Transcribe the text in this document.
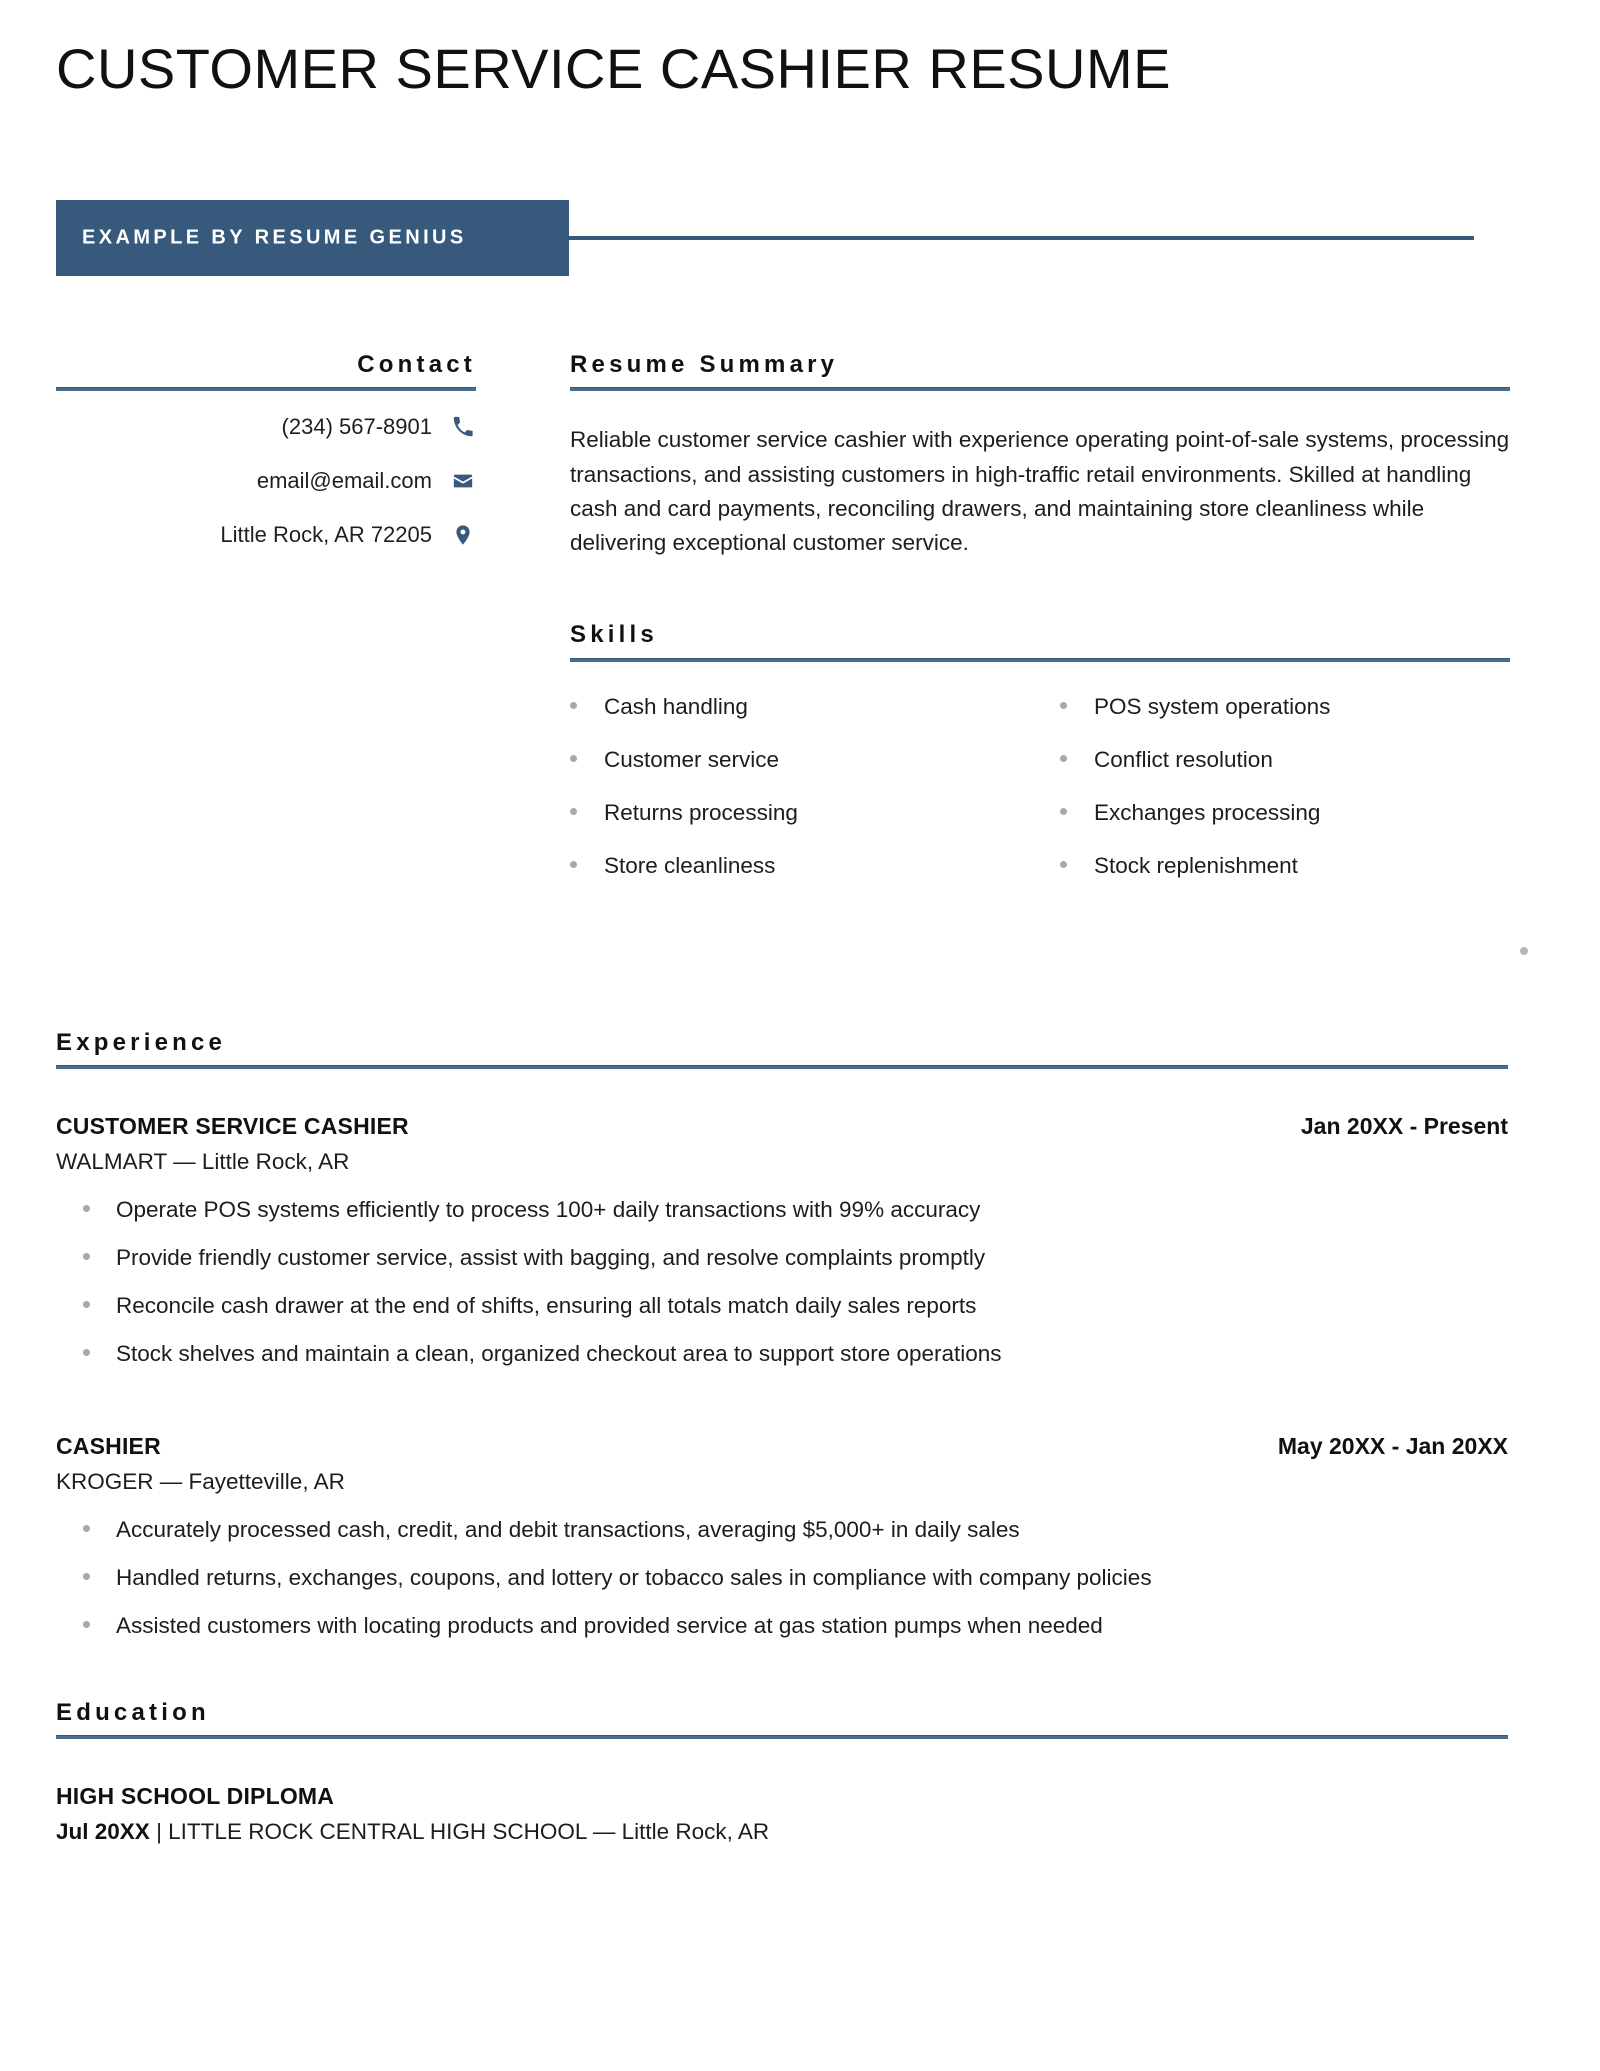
CUSTOMER SERVICE CASHIER RESUME
EXAMPLE BY RESUME GENIUS
Contact
(234) 567-8901
email@email.com
Little Rock, AR 72205
Resume Summary

Reliable customer service cashier with experience operating point-of-sale systems, processing transactions, and assisting customers in high-traffic retail environments. Skilled at handling cash and card payments, reconciling drawers, and maintaining store cleanliness while delivering exceptional customer service.

Skills
Cash handling	POS system operations
Customer service	Conflict resolution
Returns processing	Exchanges processing
Store cleanliness	Stock replenishment
Experience
CUSTOMER SERVICE CASHIER	Jan 20XX - Present
WALMART — Little Rock, AR
Operate POS systems efficiently to process 100+ daily transactions with 99% accuracy
Provide friendly customer service, assist with bagging, and resolve complaints promptly
Reconcile cash drawer at the end of shifts, ensuring all totals match daily sales reports
Stock shelves and maintain a clean, organized checkout area to support store operations
CASHIER	May 20XX - Jan 20XX
KROGER — Fayetteville, AR
Accurately processed cash, credit, and debit transactions, averaging $5,000+ in daily sales
Handled returns, exchanges, coupons, and lottery or tobacco sales in compliance with company policies
Assisted customers with locating products and provided service at gas station pumps when needed
Education
HIGH SCHOOL DIPLOMA
Jul 20XX | LITTLE ROCK CENTRAL HIGH SCHOOL — Little Rock, AR
